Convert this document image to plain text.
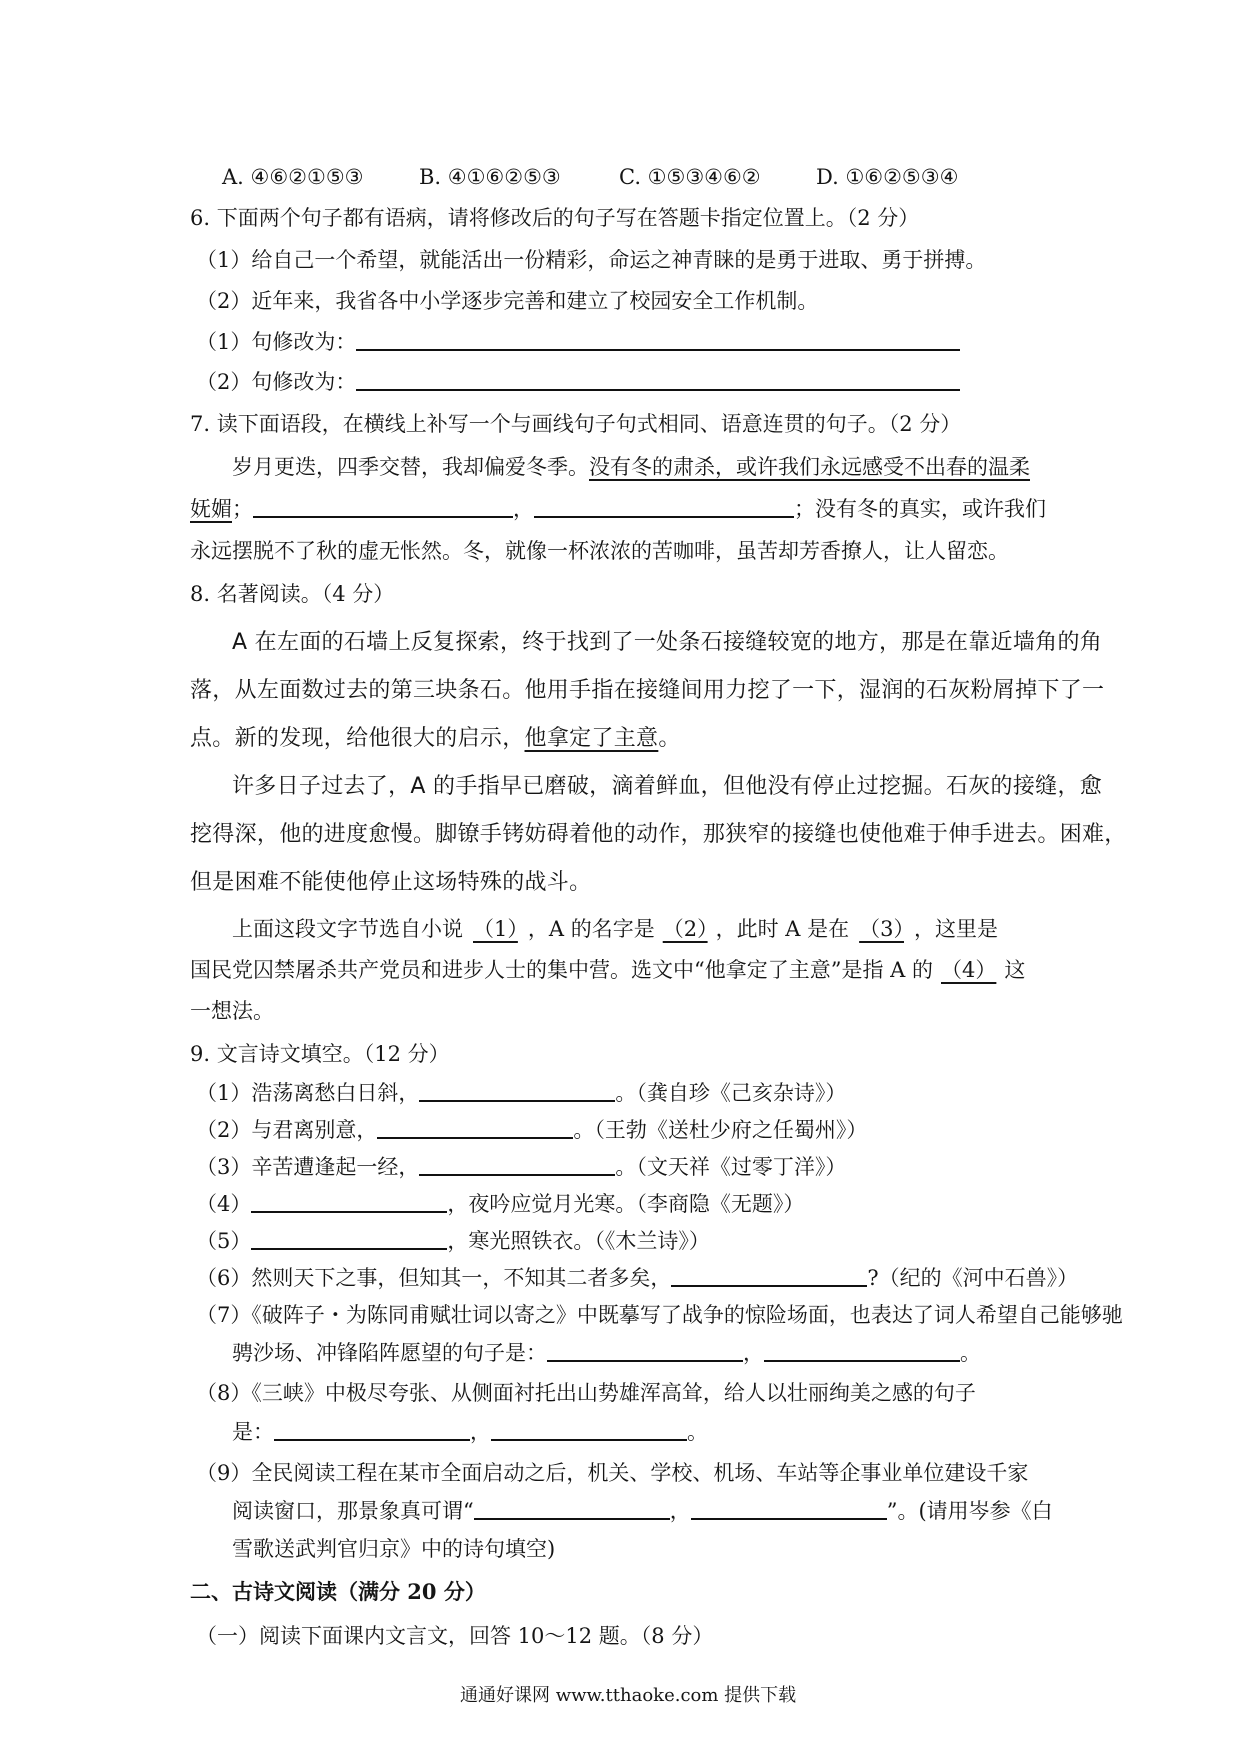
A. ④⑥②①⑤③	B. ④①⑥②⑤③	C. ①⑤③④⑥②	D. ①⑥②⑤③④
6. 下面两个句子都有语病，请将修改后的句子写在答题卡指定位置上。（2 分）
（1）给自己一个希望，就能活出一份精彩，命运之神青睐的是勇于进取、勇于拼搏。
（2）近年来，我省各中小学逐步完善和建立了校园安全工作机制。
（1）句修改为：
（2）句修改为：
7. 读下面语段，在横线上补写一个与画线句子句式相同、语意连贯的句子。（2 分）
岁月更迭，四季交替，我却偏爱冬季。没有冬的肃杀，或许我们永远感受不出春的温柔
妩媚；	，	；没有冬的真实，或许我们
永远摆脱不了秋的虚无怅然。冬，就像一杯浓浓的苦咖啡，虽苦却芳香撩人，让人留恋。
8. 名著阅读。（4 分）
A 在左面的石墙上反复探索，终于找到了一处条石接缝较宽的地方，那是在靠近墙角的角
落，从左面数过去的第三块条石。他用手指在接缝间用力挖了一下，湿润的石灰粉屑掉下了一
点。新的发现，给他很大的启示，他拿定了主意。
许多日子过去了，A 的手指早已磨破，滴着鲜血，但他没有停止过挖掘。石灰的接缝，愈
挖得深，他的进度愈慢。脚镣手铐妨碍着他的动作，那狭窄的接缝也使他难于伸手进去。困难，
但是困难不能使他停止这场特殊的战斗。
上面这段文字节选自小说 （1） ，A 的名字是 （2） ，此时 A 是在 （3） ，这里是
国民党囚禁屠杀共产党员和进步人士的集中营。选文中“他拿定了主意”是指 A 的 （4） 这
一想法。
9. 文言诗文填空。（12 分）
（1）浩荡离愁白日斜，	。（龚自珍《己亥杂诗》）
（2）与君离别意，	。（王勃《送杜少府之任蜀州》）
（3）辛苦遭逢起一经，	。（文天祥《过零丁洋》）
（4）	，夜吟应觉月光寒。（李商隐《无题》）
（5）	，寒光照铁衣。（《木兰诗》）
（6）然则天下之事，但知其一，不知其二者多矣，	?（纪的《河中石兽》）
（7）《破阵子・为陈同甫赋壮词以寄之》中既摹写了战争的惊险场面，也表达了词人希望自己能够驰
骋沙场、冲锋陷阵愿望的句子是：	，	。
（8）《三峡》中极尽夸张、从侧面衬托出山势雄浑高耸，给人以壮丽绚美之感的句子
是：	，	。
（9）全民阅读工程在某市全面启动之后，机关、学校、机场、车站等企事业单位建设千家
阅读窗口，那景象真可谓“	，	”。(请用岑参《白
雪歌送武判官归京》中的诗句填空)
二、古诗文阅读（满分 20 分）
（一）阅读下面课内文言文，回答 10～12 题。（8 分）
通通好课网 www.tthaoke.com 提供下载
